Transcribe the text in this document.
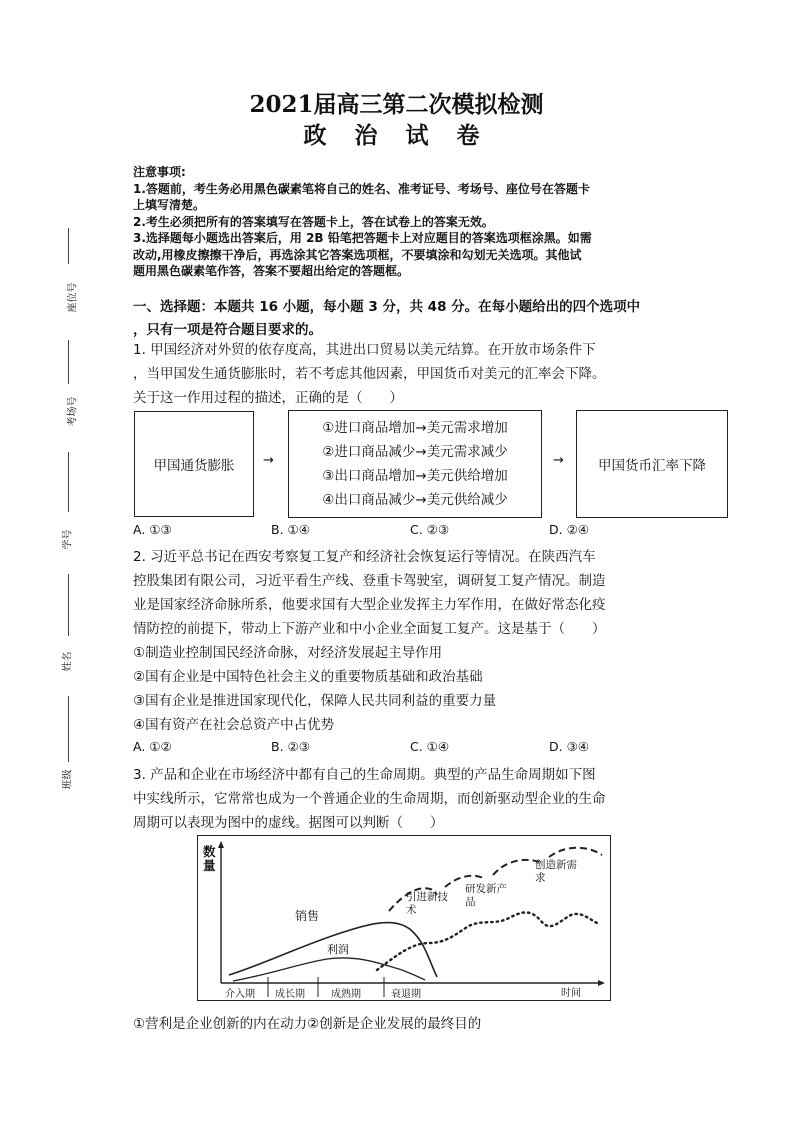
2021届高三第二次模拟检测
政 治 试 卷
座位号
考场号
学号
姓名
班级
注意事项:
1.答题前，考生务必用黑色碳素笔将自己的姓名、准考证号、考场号、座位号在答题卡
上填写清楚。
2.考生必须把所有的答案填写在答题卡上，答在试卷上的答案无效。
3.选择题每小题选出答案后，用 2B 铅笔把答题卡上对应题目的答案选项框涂黑。如需
改动,用橡皮擦擦干净后，再选涂其它答案选项框，不要填涂和勾划无关选项。其他试
题用黑色碳素笔作答，答案不要超出给定的答题框。
一、选择题：本题共 16 小题，每小题 3 分，共 48 分。在每小题给出的四个选项中
，只有一项是符合题目要求的。
1. 甲国经济对外贸的依存度高，其进出口贸易以美元结算。在开放市场条件下
，当甲国发生通货膨胀时，若不考虑其他因素，甲国货币对美元的汇率会下降。
关于这一作用过程的描述，正确的是（　　）
甲国通货膨胀	→
①进口商品增加→美元需求增加
②进口商品减少→美元需求减少
③出口商品增加→美元供给增加
④出口商品减少→美元供给减少
→	甲国货币汇率下降
A. ①③	B. ①④	C. ②③	D. ②④
2. 习近平总书记在西安考察复工复产和经济社会恢复运行等情况。在陕西汽车
控股集团有限公司，习近平看生产线、登重卡驾驶室，调研复工复产情况。制造
业是国家经济命脉所系，他要求国有大型企业发挥主力军作用，在做好常态化疫
情防控的前提下，带动上下游产业和中小企业全面复工复产。这是基于（　　）
①制造业控制国民经济命脉，对经济发展起主导作用
②国有企业是中国特色社会主义的重要物质基础和政治基础
③国有企业是推进国家现代化，保障人民共同利益的重要力量
④国有资产在社会总资产中占优势
A. ①②	B. ②③	C. ①④	D. ③④
3. 产品和企业在市场经济中都有自己的生命周期。典型的产品生命周期如下图
中实线所示，它常常也成为一个普通企业的生命周期，而创新驱动型企业的生命
周期可以表现为图中的虚线。据图可以判断（　　）
数量
时间
介入期 成长期	成熟期	衰退期
销售
利润
引进新技术
研发新产品
创造新需求
①营利是企业创新的内在动力②创新是企业发展的最终目的
